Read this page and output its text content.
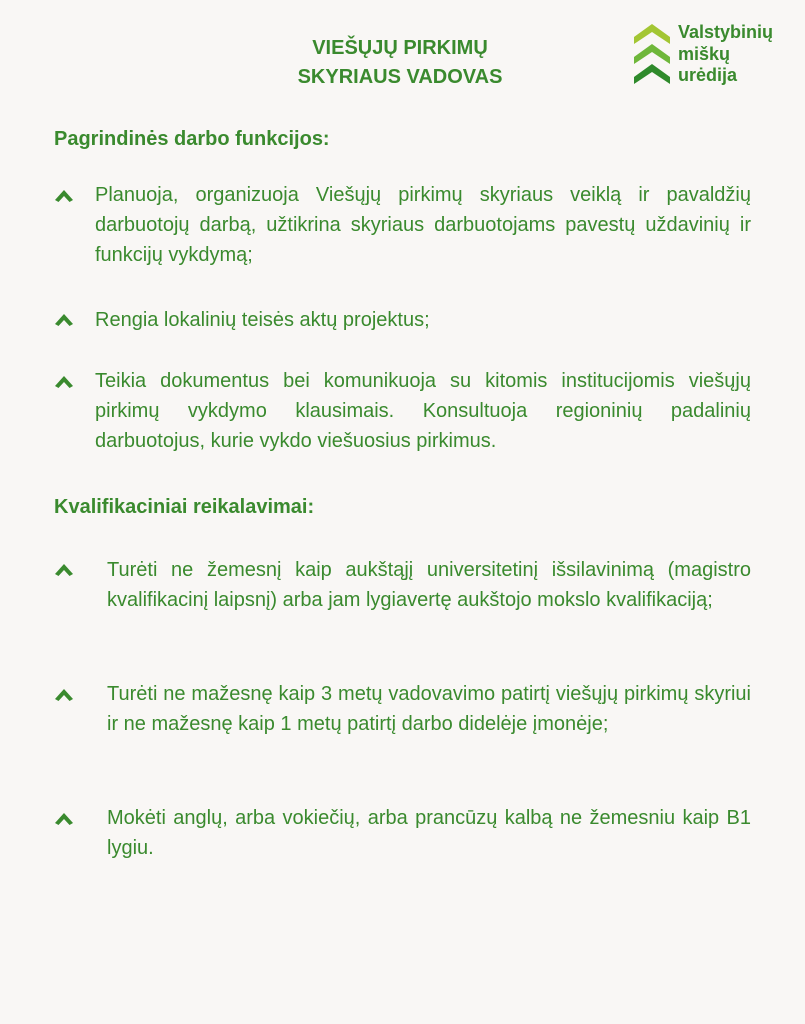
VIEŠŲJŲ PIRKIMŲ
SKYRIAUS VADOVAS
Valstybinių
miškų
urėdija
Pagrindinės darbo funkcijos:
Planuoja, organizuoja Viešųjų pirkimų skyriaus veiklą ir pavaldžių darbuotojų darbą, užtikrina skyriaus darbuotojams pavestų uždavinių ir funkcijų vykdymą;
Rengia lokalinių teisės aktų projektus;
Teikia dokumentus bei komunikuoja su kitomis institucijomis viešųjų pirkimų vykdymo klausimais. Konsultuoja regioninių padalinių darbuotojus, kurie vykdo viešuosius pirkimus.
Kvalifikaciniai reikalavimai:
Turėti ne žemesnį kaip aukštąjį universitetinį išsilavinimą (magistro kvalifikacinį laipsnį) arba jam lygiavertę aukštojo mokslo kvalifikaciją;
Turėti ne mažesnę kaip 3 metų vadovavimo patirtį viešųjų pirkimų skyriui ir ne mažesnę kaip 1 metų patirtį darbo didelėje įmonėje;
Mokėti anglų, arba vokiečių, arba prancūzų kalbą ne žemesniu kaip B1 lygiu.
